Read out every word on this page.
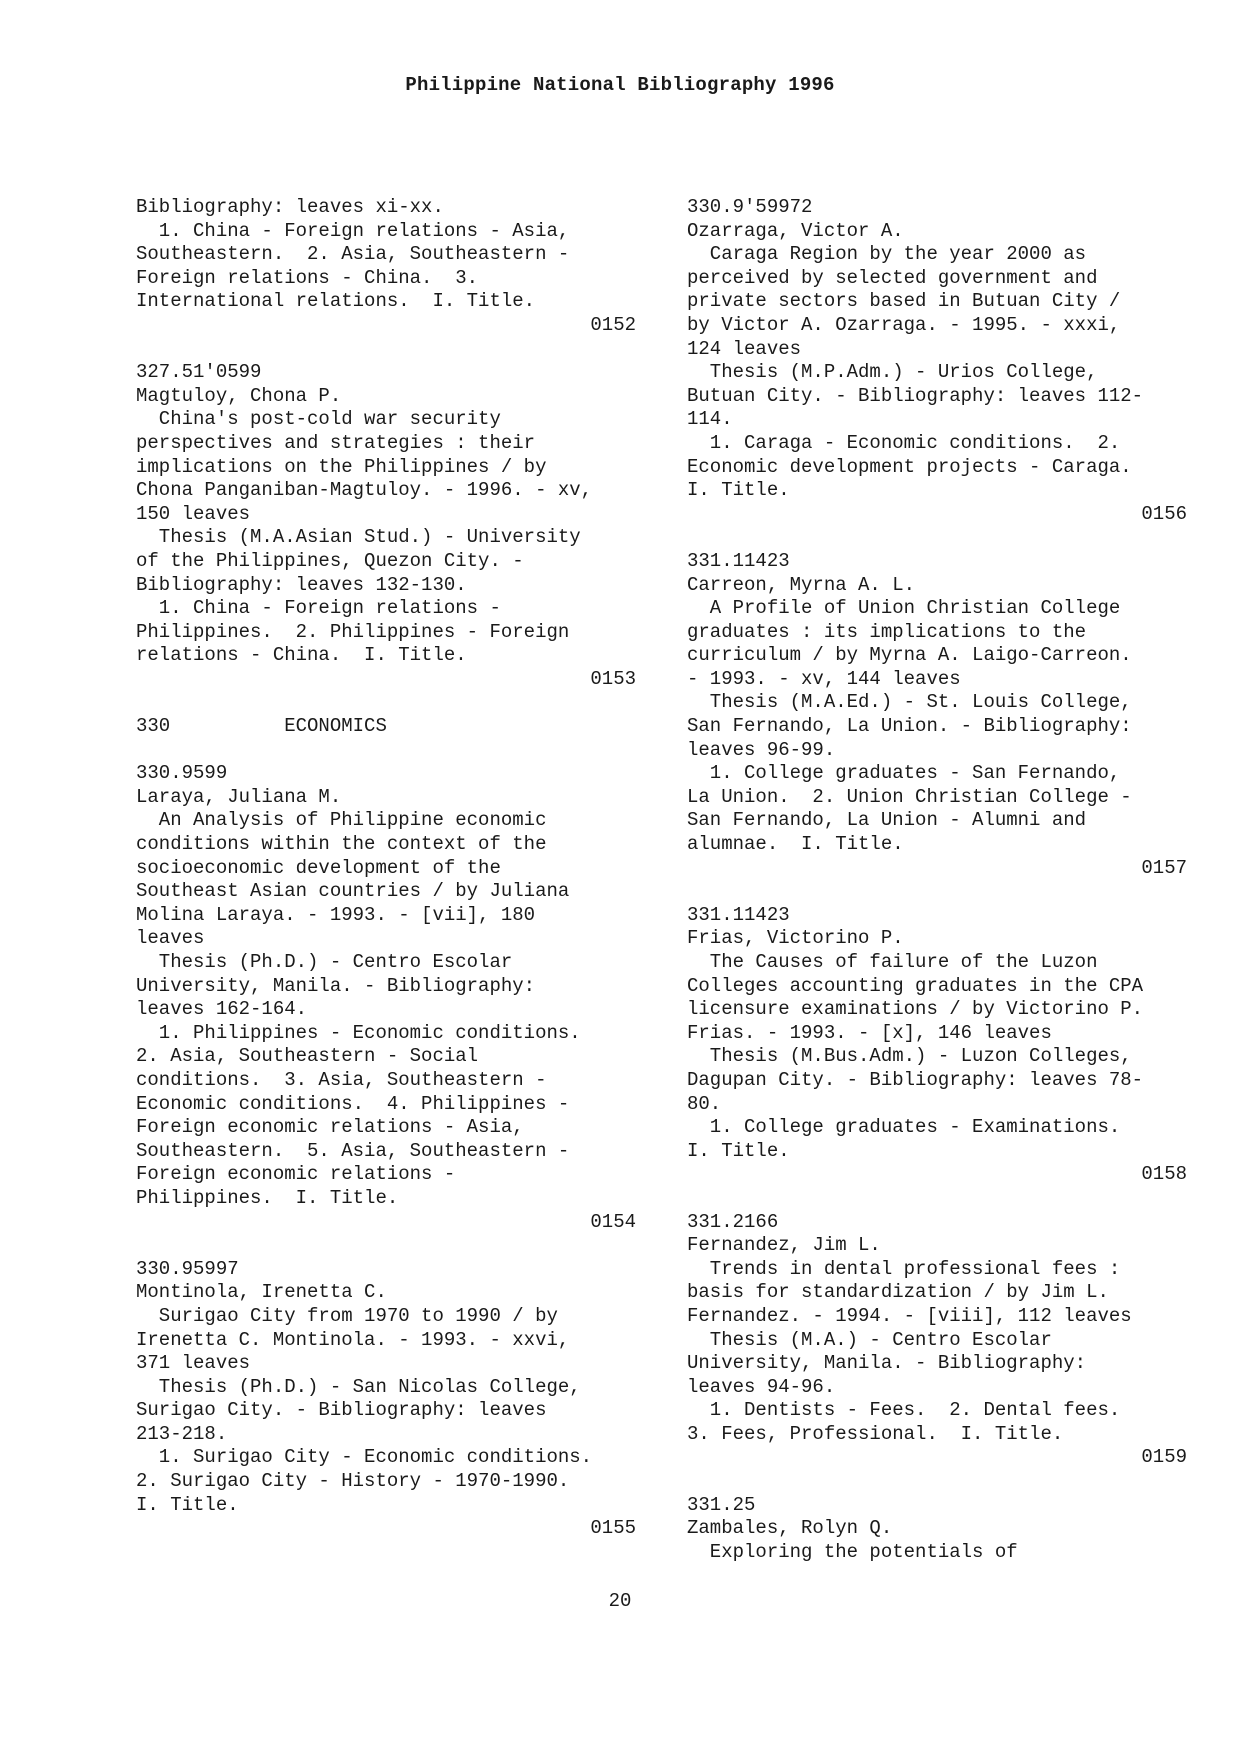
Philippine National Bibliography 1996
Bibliography: leaves xi-xx.
1. China - Foreign relations - Asia,
Southeastern.  2. Asia, Southeastern -
Foreign relations - China.  3.
International relations.  I. Title.
0152
327.51'0599
Magtuloy, Chona P.
China's post-cold war security
perspectives and strategies : their
implications on the Philippines / by
Chona Panganiban-Magtuloy. - 1996. - xv,
150 leaves
Thesis (M.A.Asian Stud.) - University
of the Philippines, Quezon City. -
Bibliography: leaves 132-130.
1. China - Foreign relations -
Philippines.  2. Philippines - Foreign
relations - China.  I. Title.
0153
330          ECONOMICS
330.9599
Laraya, Juliana M.
An Analysis of Philippine economic
conditions within the context of the
socioeconomic development of the
Southeast Asian countries / by Juliana
Molina Laraya. - 1993. - [vii], 180
leaves
Thesis (Ph.D.) - Centro Escolar
University, Manila. - Bibliography:
leaves 162-164.
1. Philippines - Economic conditions.
2. Asia, Southeastern - Social
conditions.  3. Asia, Southeastern -
Economic conditions.  4. Philippines -
Foreign economic relations - Asia,
Southeastern.  5. Asia, Southeastern -
Foreign economic relations -
Philippines.  I. Title.
0154
330.95997
Montinola, Irenetta C.
Surigao City from 1970 to 1990 / by
Irenetta C. Montinola. - 1993. - xxvi,
371 leaves
Thesis (Ph.D.) - San Nicolas College,
Surigao City. - Bibliography: leaves
213-218.
1. Surigao City - Economic conditions.
2. Surigao City - History - 1970-1990.
I. Title.
0155
330.9'59972
Ozarraga, Victor A.
Caraga Region by the year 2000 as
perceived by selected government and
private sectors based in Butuan City /
by Victor A. Ozarraga. - 1995. - xxxi,
124 leaves
Thesis (M.P.Adm.) - Urios College,
Butuan City. - Bibliography: leaves 112-
114.
1. Caraga - Economic conditions.  2.
Economic development projects - Caraga.
I. Title.
0156
331.11423
Carreon, Myrna A. L.
A Profile of Union Christian College
graduates : its implications to the
curriculum / by Myrna A. Laigo-Carreon.
- 1993. - xv, 144 leaves
Thesis (M.A.Ed.) - St. Louis College,
San Fernando, La Union. - Bibliography:
leaves 96-99.
1. College graduates - San Fernando,
La Union.  2. Union Christian College -
San Fernando, La Union - Alumni and
alumnae.  I. Title.
0157
331.11423
Frias, Victorino P.
The Causes of failure of the Luzon
Colleges accounting graduates in the CPA
licensure examinations / by Victorino P.
Frias. - 1993. - [x], 146 leaves
Thesis (M.Bus.Adm.) - Luzon Colleges,
Dagupan City. - Bibliography: leaves 78-
80.
1. College graduates - Examinations.
I. Title.
0158
331.2166
Fernandez, Jim L.
Trends in dental professional fees :
basis for standardization / by Jim L.
Fernandez. - 1994. - [viii], 112 leaves
Thesis (M.A.) - Centro Escolar
University, Manila. - Bibliography:
leaves 94-96.
1. Dentists - Fees.  2. Dental fees.
3. Fees, Professional.  I. Title.
0159
331.25
Zambales, Rolyn Q.
Exploring the potentials of
20
